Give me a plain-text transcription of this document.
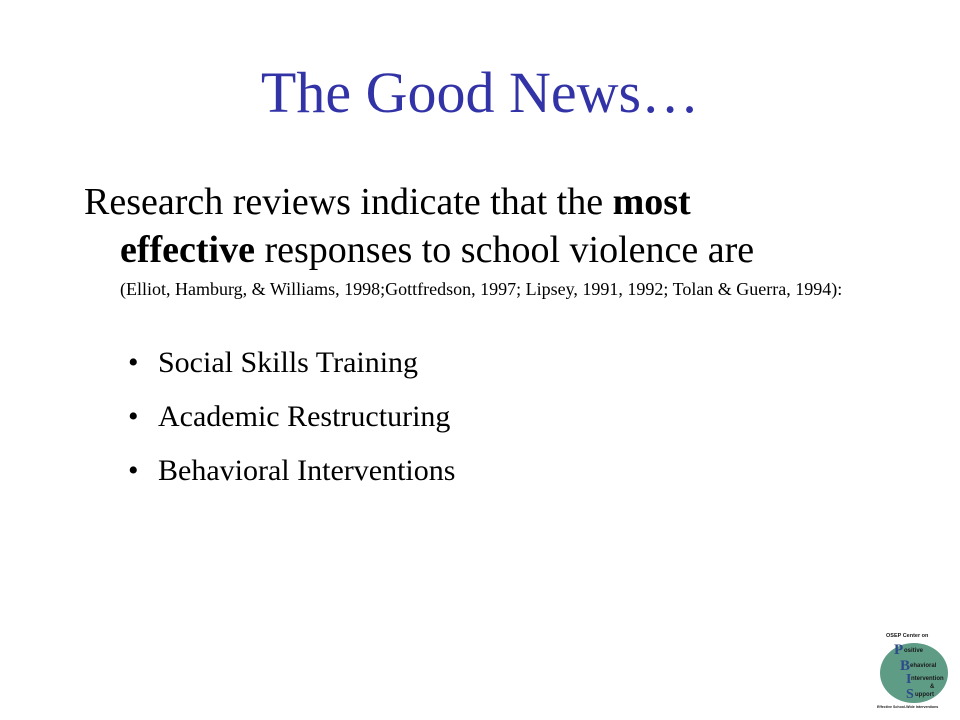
The Good News…
Research reviews indicate that the most
effective responses to school violence are
(Elliot, Hamburg, & Williams, 1998;Gottfredson, 1997; Lipsey, 1991, 1992; Tolan & Guerra, 1994):
• Social Skills Training
• Academic Restructuring
• Behavioral Interventions
OSEP Center on
P ositive
B ehavioral
I ntervention
&
S upport
Effective School-Wide Interventions
